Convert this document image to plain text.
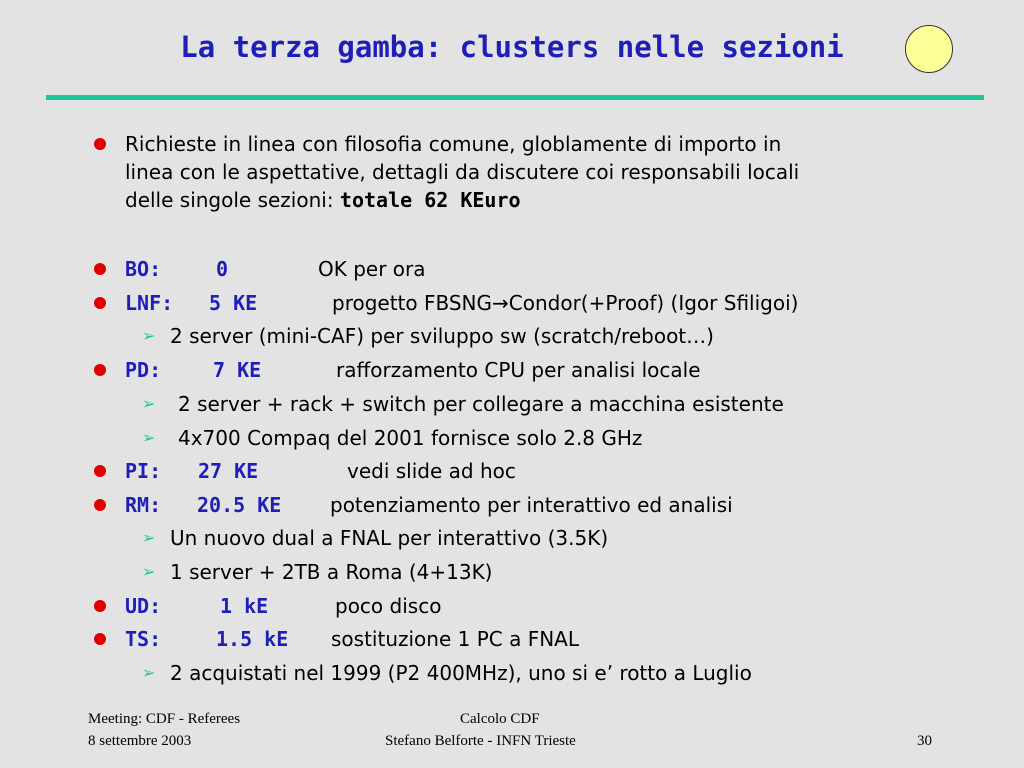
La terza gamba: clusters nelle sezioni
Richieste in linea con filosofia comune, globlamente di importo in
linea con le aspettative, dettagli da discutere coi responsabili locali
delle singole sezioni: totale 62 KEuro
BO:	0	OK per ora
LNF: 5 KE	progetto FBSNG→Condor(+Proof) (Igor Sfiligoi)
➢ 2 server (mini-CAF) per sviluppo sw (scratch/reboot…)
PD:	7 KE	rafforzamento CPU per analisi locale
➢ 2 server + rack + switch per collegare a macchina esistente
➢ 4x700 Compaq del 2001 fornisce solo 2.8 GHz
PI: 27 KE	vedi slide ad hoc
RM: 20.5 KE potenziamento per interattivo ed analisi
➢ Un nuovo dual a FNAL per interattivo (3.5K)
➢ 1 server + 2TB a Roma (4+13K)
UD:	1 kE	poco disco
TS:	1.5 kE sostituzione 1 PC a FNAL
➢ 2 acquistati nel 1999 (P2 400MHz), uno si e’ rotto a Luglio
Meeting: CDF - Referees
8 settembre 2003
Calcolo CDF
Stefano Belforte - INFN Trieste	30
